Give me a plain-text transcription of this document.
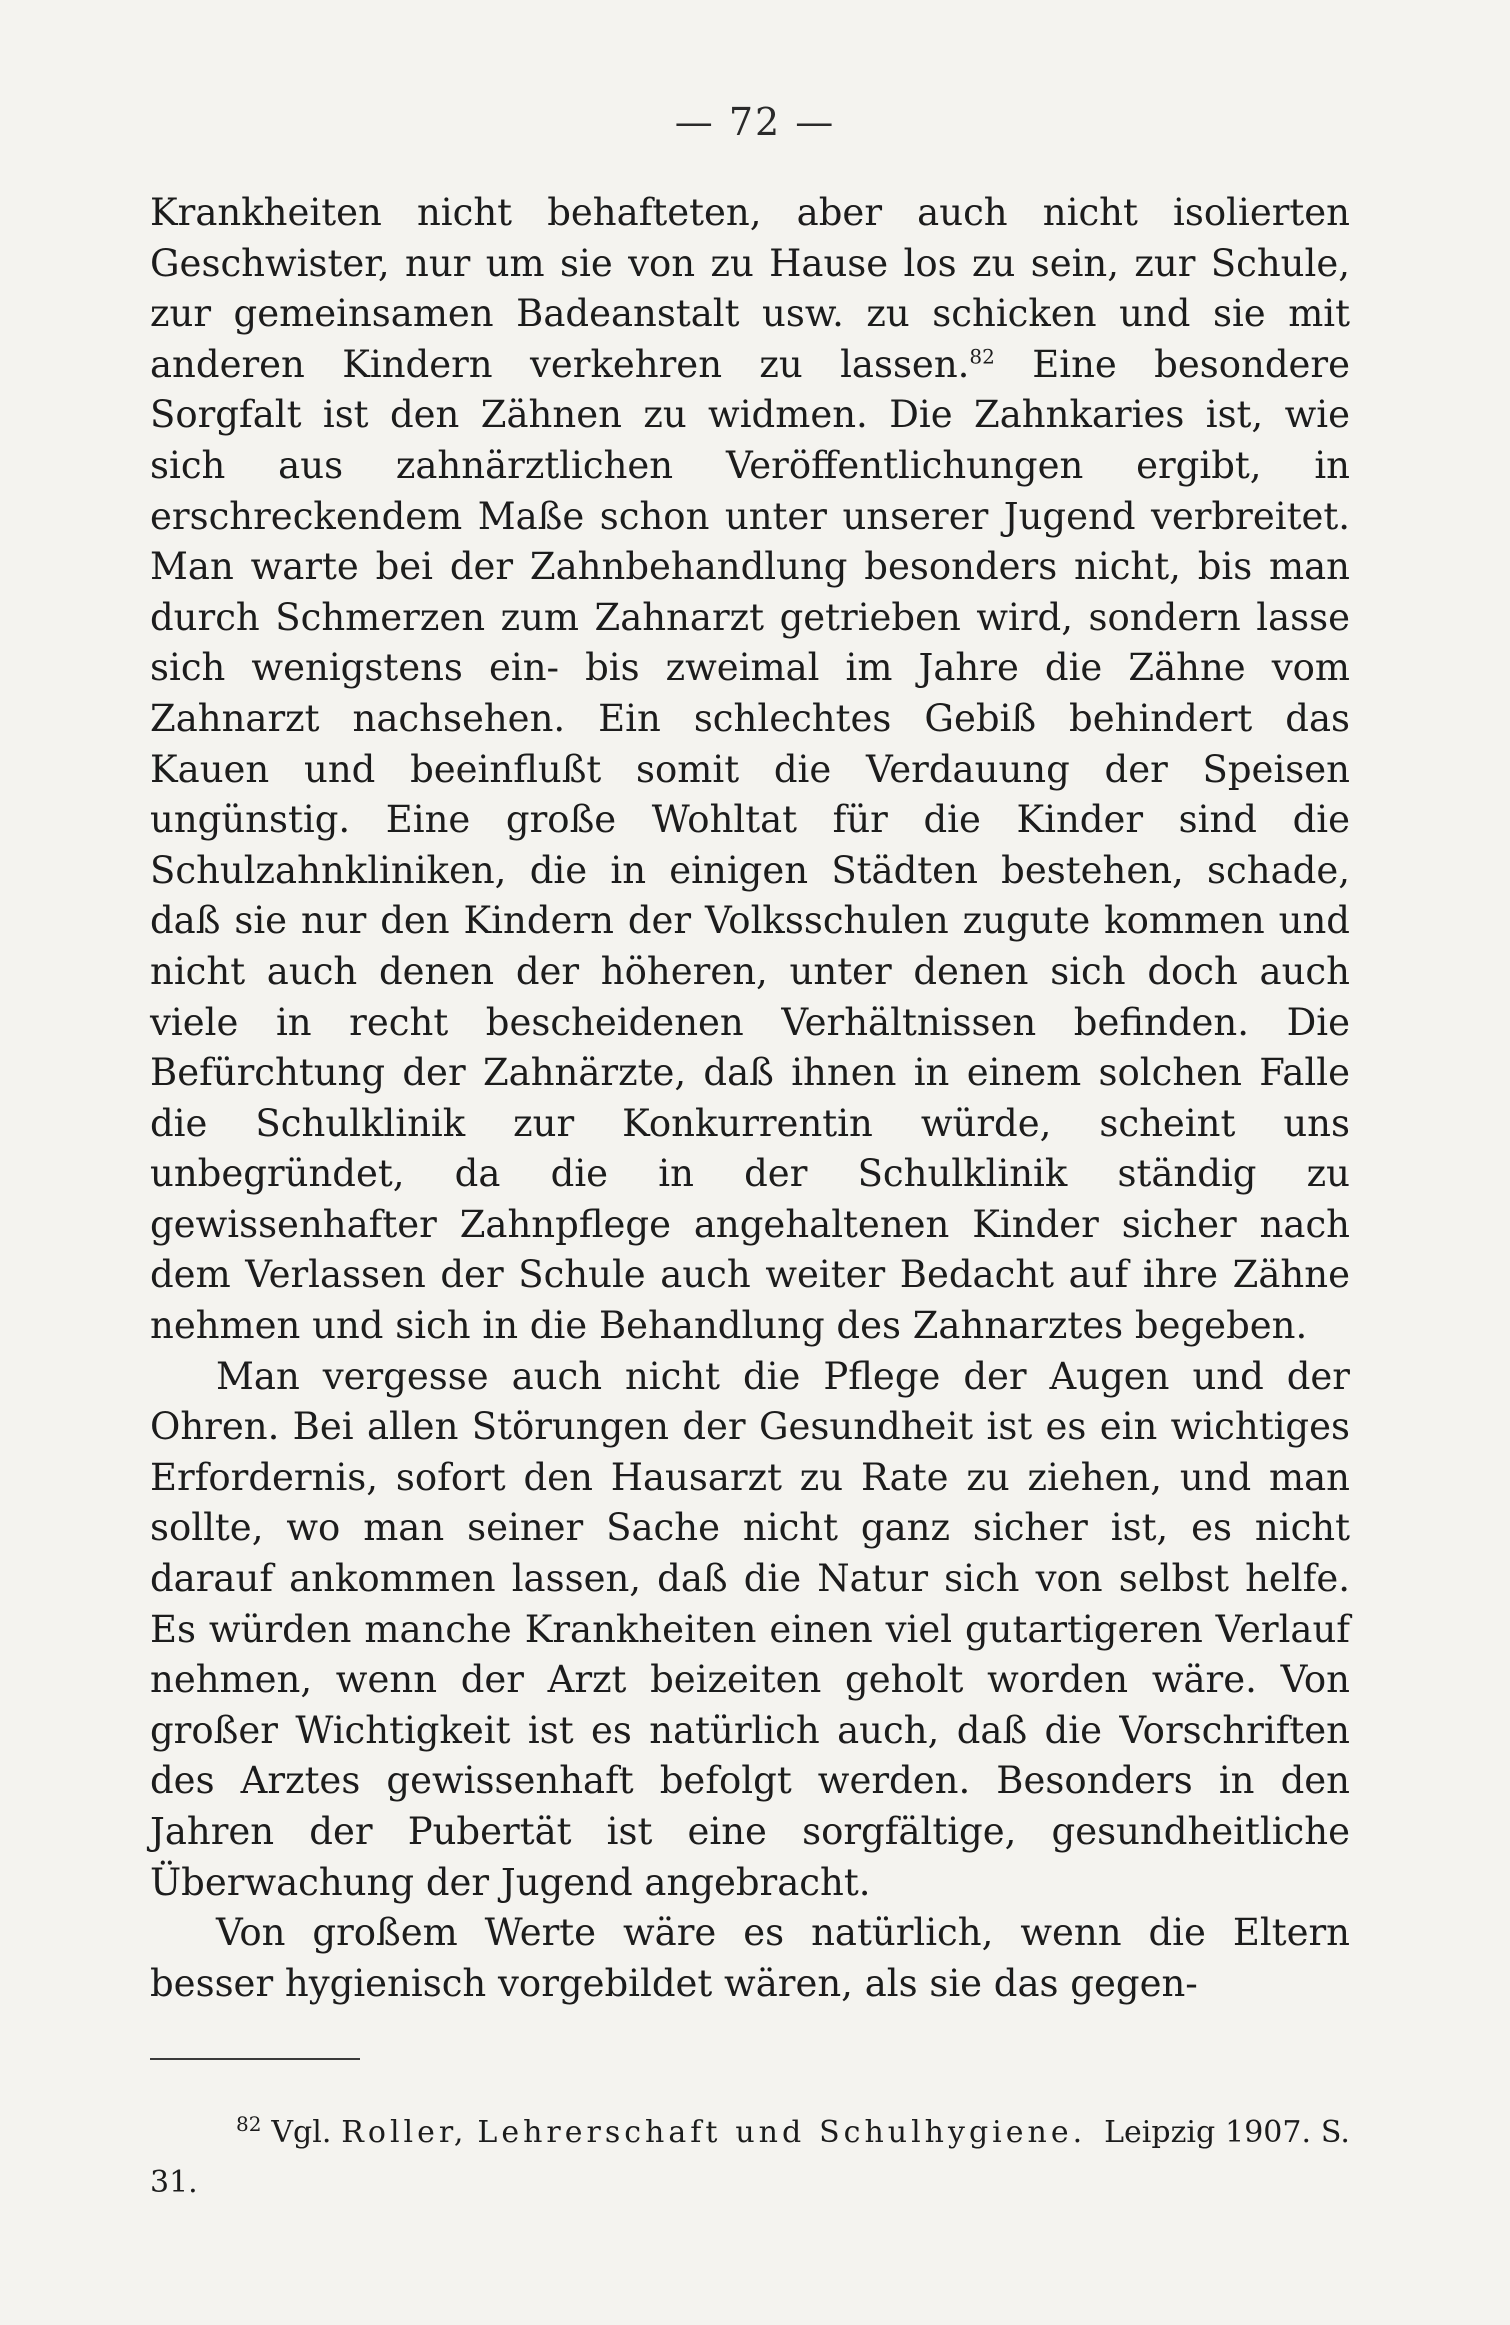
— 72 —

Krankheiten nicht behafteten, aber auch nicht isolierten Geschwister, nur um sie von zu Hause los zu sein, zur Schule, zur gemeinsamen Badeanstalt usw. zu schicken und sie mit anderen Kindern verkehren zu lassen.$^{82}$ Eine besondere Sorgfalt ist den Zähnen zu widmen. Die Zahnkaries ist, wie sich aus zahnärztlichen Veröffentlichungen ergibt, in erschreckendem Maße schon unter unserer Jugend verbreitet. Man warte bei der Zahnbehandlung besonders nicht, bis man durch Schmerzen zum Zahnarzt getrieben wird, sondern lasse sich wenigstens ein- bis zweimal im Jahre die Zähne vom Zahnarzt nachsehen. Ein schlechtes Gebiß behindert das Kauen und beeinflußt somit die Verdauung der Speisen ungünstig. Eine große Wohltat für die Kinder sind die Schulzahnkliniken, die in einigen Städten bestehen, schade, daß sie nur den Kindern der Volksschulen zugute kommen und nicht auch denen der höheren, unter denen sich doch auch viele in recht bescheidenen Verhältnissen befinden. Die Befürchtung der Zahnärzte, daß ihnen in einem solchen Falle die Schulklinik zur Konkurrentin würde, scheint uns unbegründet, da die in der Schulklinik ständig zu gewissenhafter Zahnpflege angehaltenen Kinder sicher nach dem Verlassen der Schule auch weiter Bedacht auf ihre Zähne nehmen und sich in die Behandlung des Zahnarztes begeben.

Man vergesse auch nicht die Pflege der Augen und der Ohren. Bei allen Störungen der Gesundheit ist es ein wichtiges Erfordernis, sofort den Hausarzt zu Rate zu ziehen, und man sollte, wo man seiner Sache nicht ganz sicher ist, es nicht darauf ankommen lassen, daß die Natur sich von selbst helfe. Es würden manche Krankheiten einen viel gutartigeren Verlauf nehmen, wenn der Arzt beizeiten geholt worden wäre. Von großer Wichtigkeit ist es natürlich auch, daß die Vorschriften des Arztes gewissenhaft befolgt werden. Besonders in den Jahren der Pubertät ist eine sorgfältige, gesundheitliche Überwachung der Jugend angebracht.

Von großem Werte wäre es natürlich, wenn die Eltern besser hygienisch vorgebildet wären, als sie das gegen-

$^{82}$ Vgl. Roller, Lehrerschaft und Schulhygiene. Leipzig 1907. S. 31.
